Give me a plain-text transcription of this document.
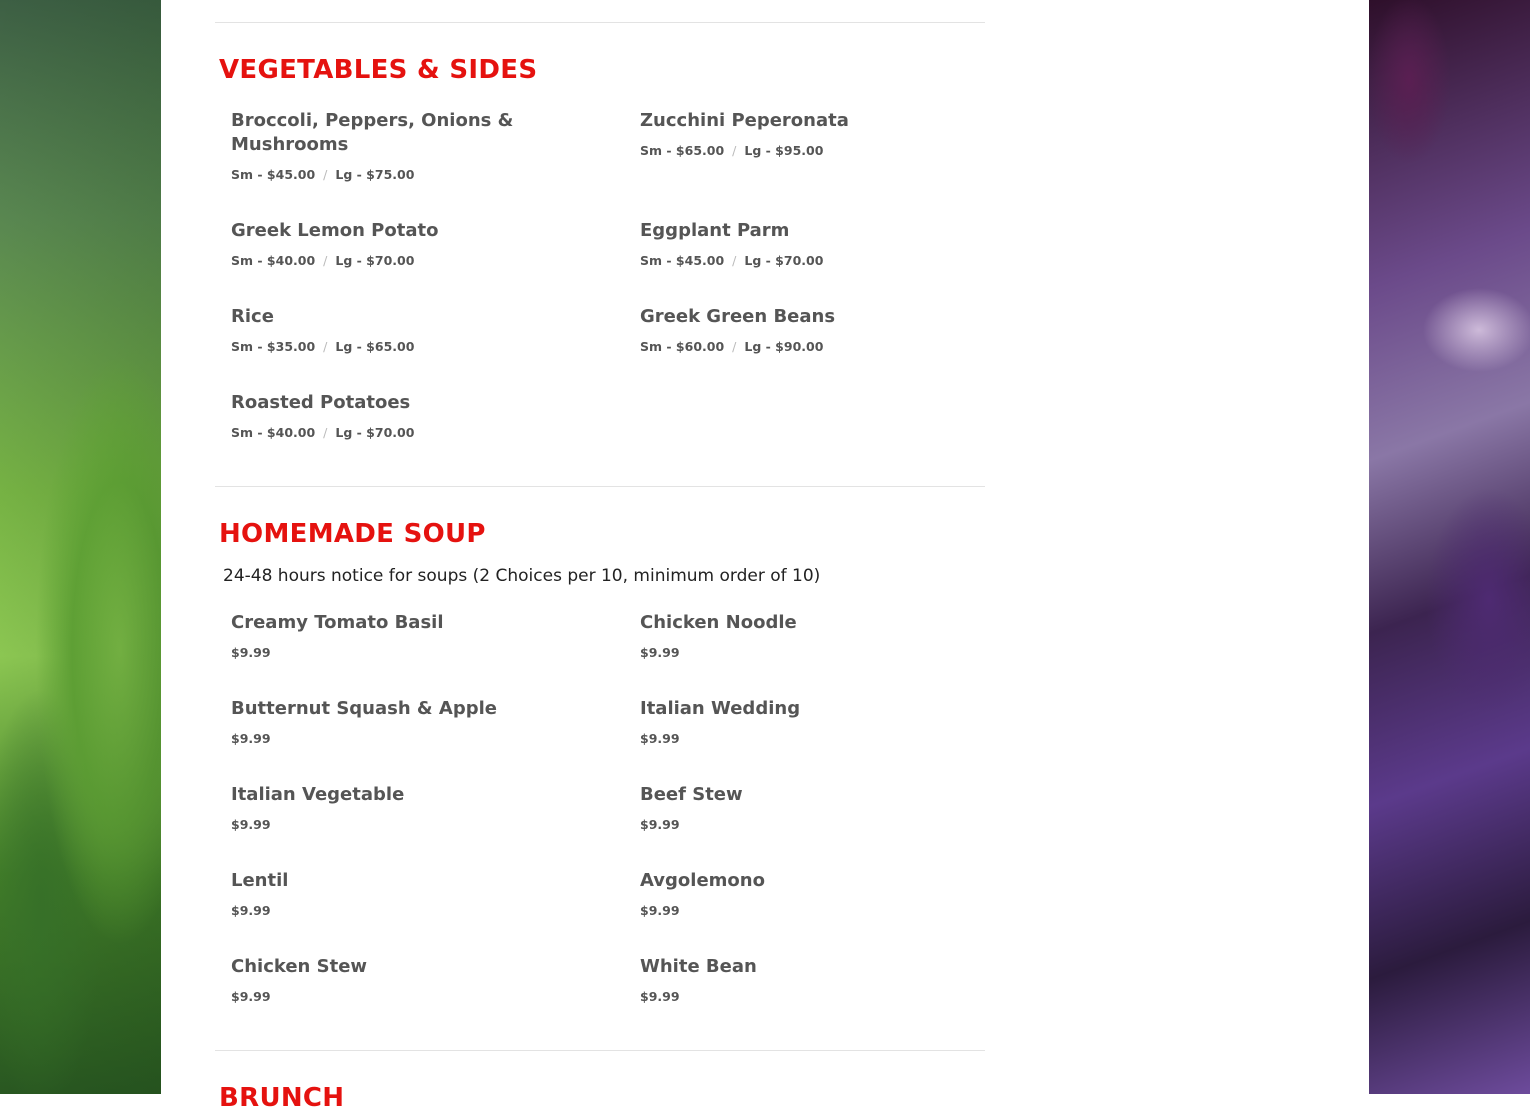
VEGETABLES & SIDES
Broccoli, Peppers, Onions & Mushrooms
Sm - $45.00 / Lg - $75.00
Zucchini Peperonata
Sm - $65.00 / Lg - $95.00
Greek Lemon Potato
Sm - $40.00 / Lg - $70.00
Eggplant Parm
Sm - $45.00 / Lg - $70.00
Rice
Sm - $35.00 / Lg - $65.00
Greek Green Beans
Sm - $60.00 / Lg - $90.00
Roasted Potatoes
Sm - $40.00 / Lg - $70.00
HOMEMADE SOUP

24-48 hours notice for soups (2 Choices per 10, minimum order of 10)

Creamy Tomato Basil
$9.99
Chicken Noodle
$9.99
Butternut Squash & Apple
$9.99
Italian Wedding
$9.99
Italian Vegetable
$9.99
Beef Stew
$9.99
Lentil
$9.99
Avgolemono
$9.99
Chicken Stew
$9.99
White Bean
$9.99
BRUNCH
